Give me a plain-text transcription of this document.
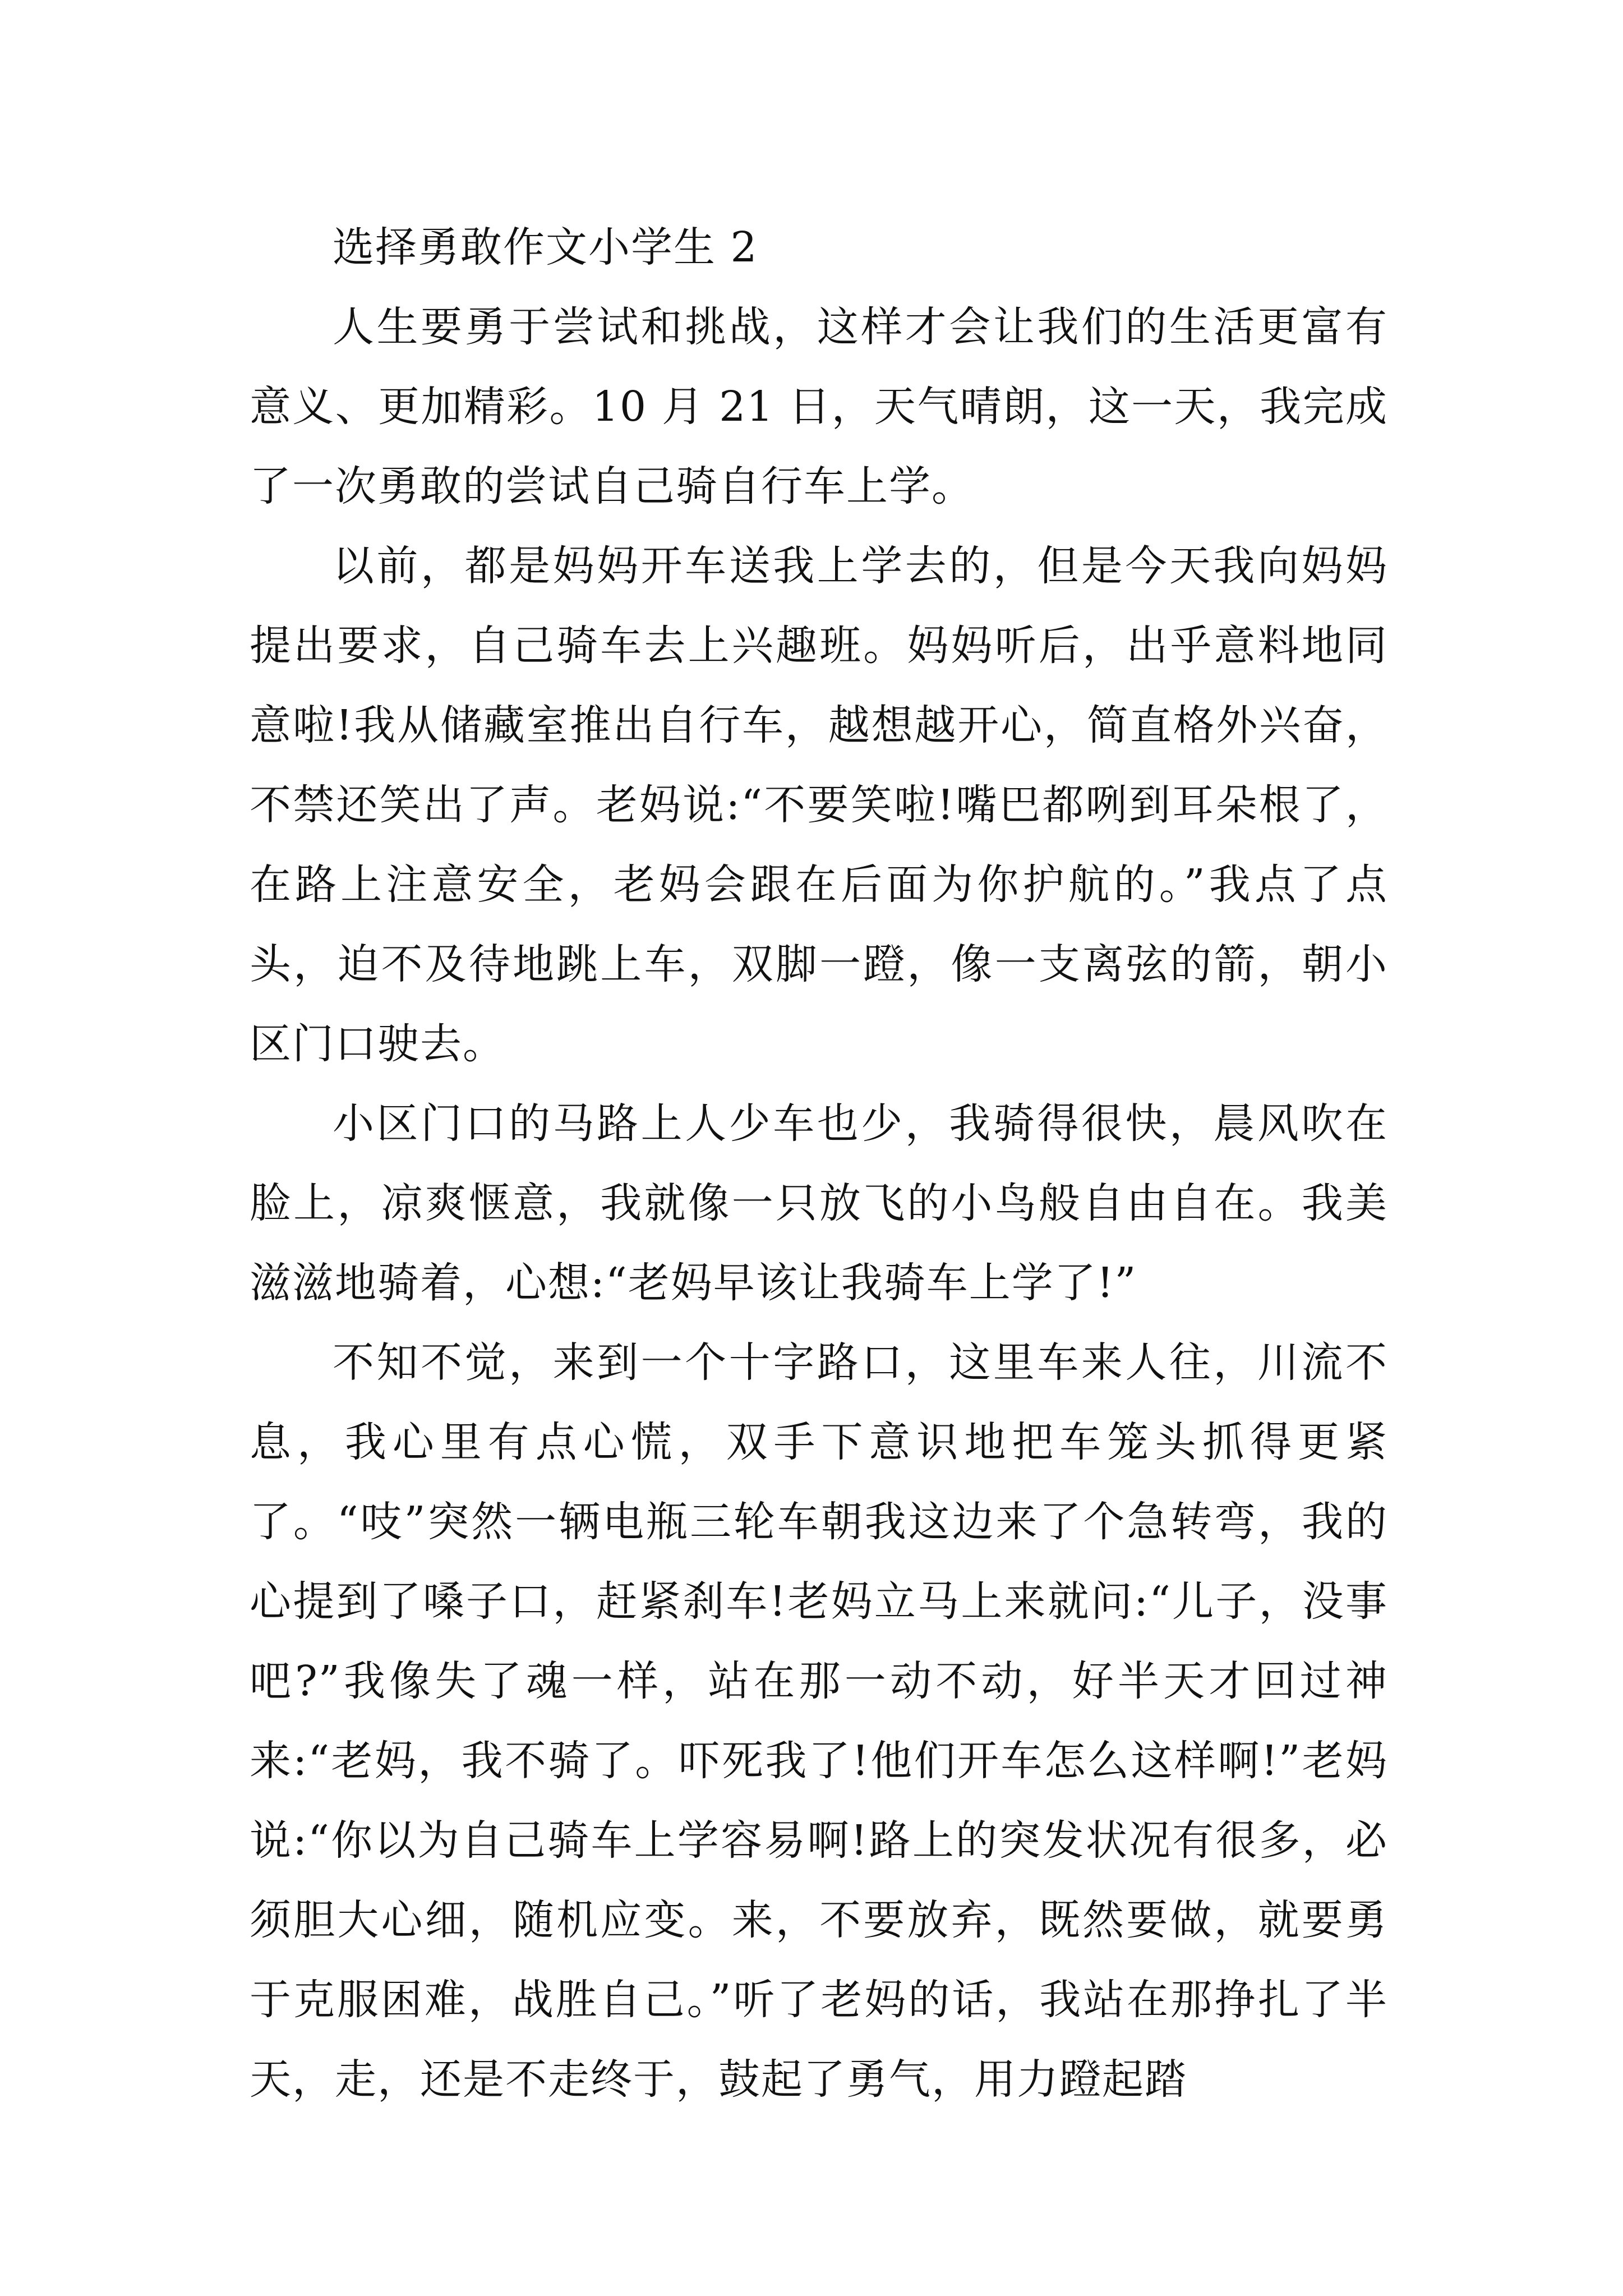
选择勇敢作文小学生 2

人生要勇于尝试和挑战，这样才会让我们的生活更富有意义、更加精彩。10 月 21 日，天气晴朗，这一天，我完成了一次勇敢的尝试自己骑自行车上学。

以前，都是妈妈开车送我上学去的，但是今天我向妈妈提出要求，自己骑车去上兴趣班。妈妈听后，出乎意料地同意啦!我从储藏室推出自行车，越想越开心，简直格外兴奋，不禁还笑出了声。老妈说:“不要笑啦!嘴巴都咧到耳朵根了，在路上注意安全，老妈会跟在后面为你护航的。”我点了点头，迫不及待地跳上车，双脚一蹬，像一支离弦的箭，朝小区门口驶去。

小区门口的马路上人少车也少，我骑得很快，晨风吹在脸上，凉爽惬意，我就像一只放飞的小鸟般自由自在。我美滋滋地骑着，心想:“老妈早该让我骑车上学了!”

不知不觉，来到一个十字路口，这里车来人往，川流不息，我心里有点心慌，双手下意识地把车笼头抓得更紧了。“吱”突然一辆电瓶三轮车朝我这边来了个急转弯，我的心提到了嗓子口，赶紧刹车!老妈立马上来就问:“儿子，没事吧?”我像失了魂一样，站在那一动不动，好半天才回过神来:“老妈，我不骑了。吓死我了!他们开车怎么这样啊!”老妈说:“你以为自己骑车上学容易啊!路上的突发状况有很多，必须胆大心细，随机应变。来，不要放弃，既然要做，就要勇于克服困难，战胜自己。”听了老妈的话，我站在那挣扎了半天，走，还是不走终于，鼓起了勇气，用力蹬起踏
